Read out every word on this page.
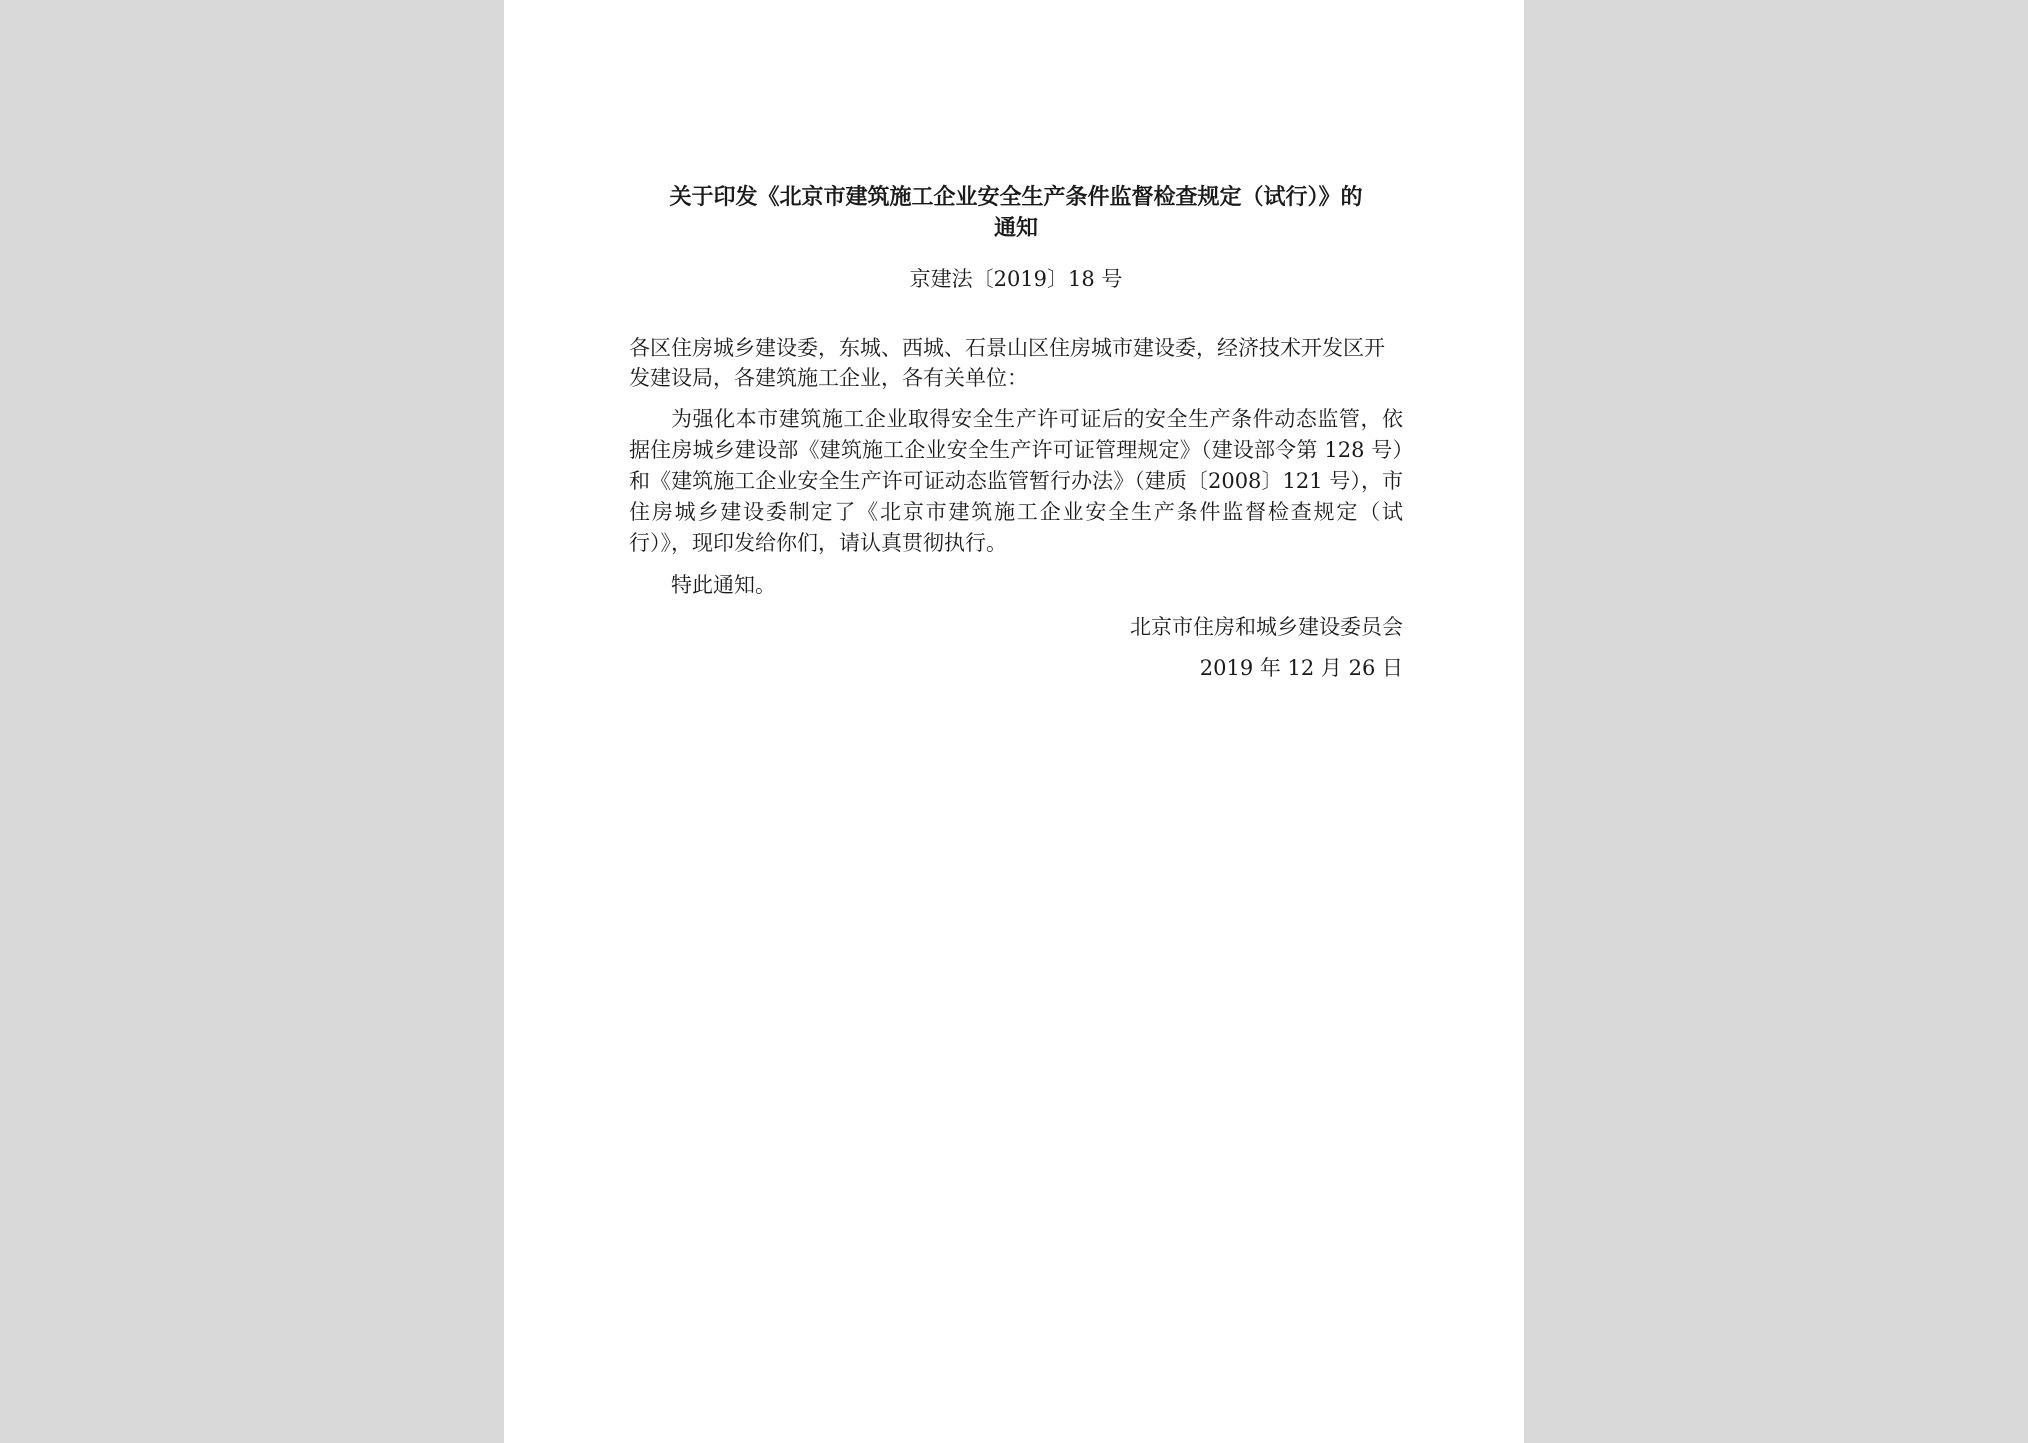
关于印发《北京市建筑施工企业安全生产条件监督检查规定（试行）》的
通知

京建法〔2019〕18 号

各区住房城乡建设委，东城、西城、石景山区住房城市建设委，经济技术开发区开发建设局，各建筑施工企业，各有关单位：

为强化本市建筑施工企业取得安全生产许可证后的安全生产条件动态监管，依据住房城乡建设部《建筑施工企业安全生产许可证管理规定》（建设部令第 128 号）和《建筑施工企业安全生产许可证动态监管暂行办法》（建质〔2008〕121 号），市住房城乡建设委制定了《北京市建筑施工企业安全生产条件监督检查规定（试行）》，现印发给你们，请认真贯彻执行。

特此通知。

北京市住房和城乡建设委员会

2019 年 12 月 26 日
